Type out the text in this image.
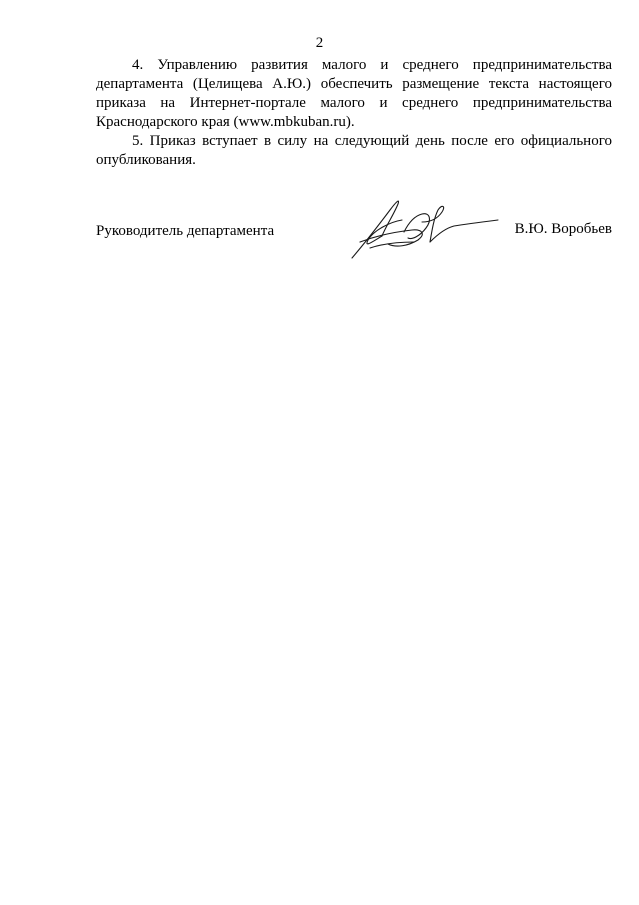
2

4. Управлению развития малого и среднего предпринимательства департамента (Целищева А.Ю.) обеспечить размещение текста настоящего приказа на Интернет-портале малого и среднего предпринимательства Краснодарского края (www.mbkuban.ru).

5. Приказ вступает в силу на следующий день после его официального опубликования.

Руководитель департамента	В.Ю. Воробьев
